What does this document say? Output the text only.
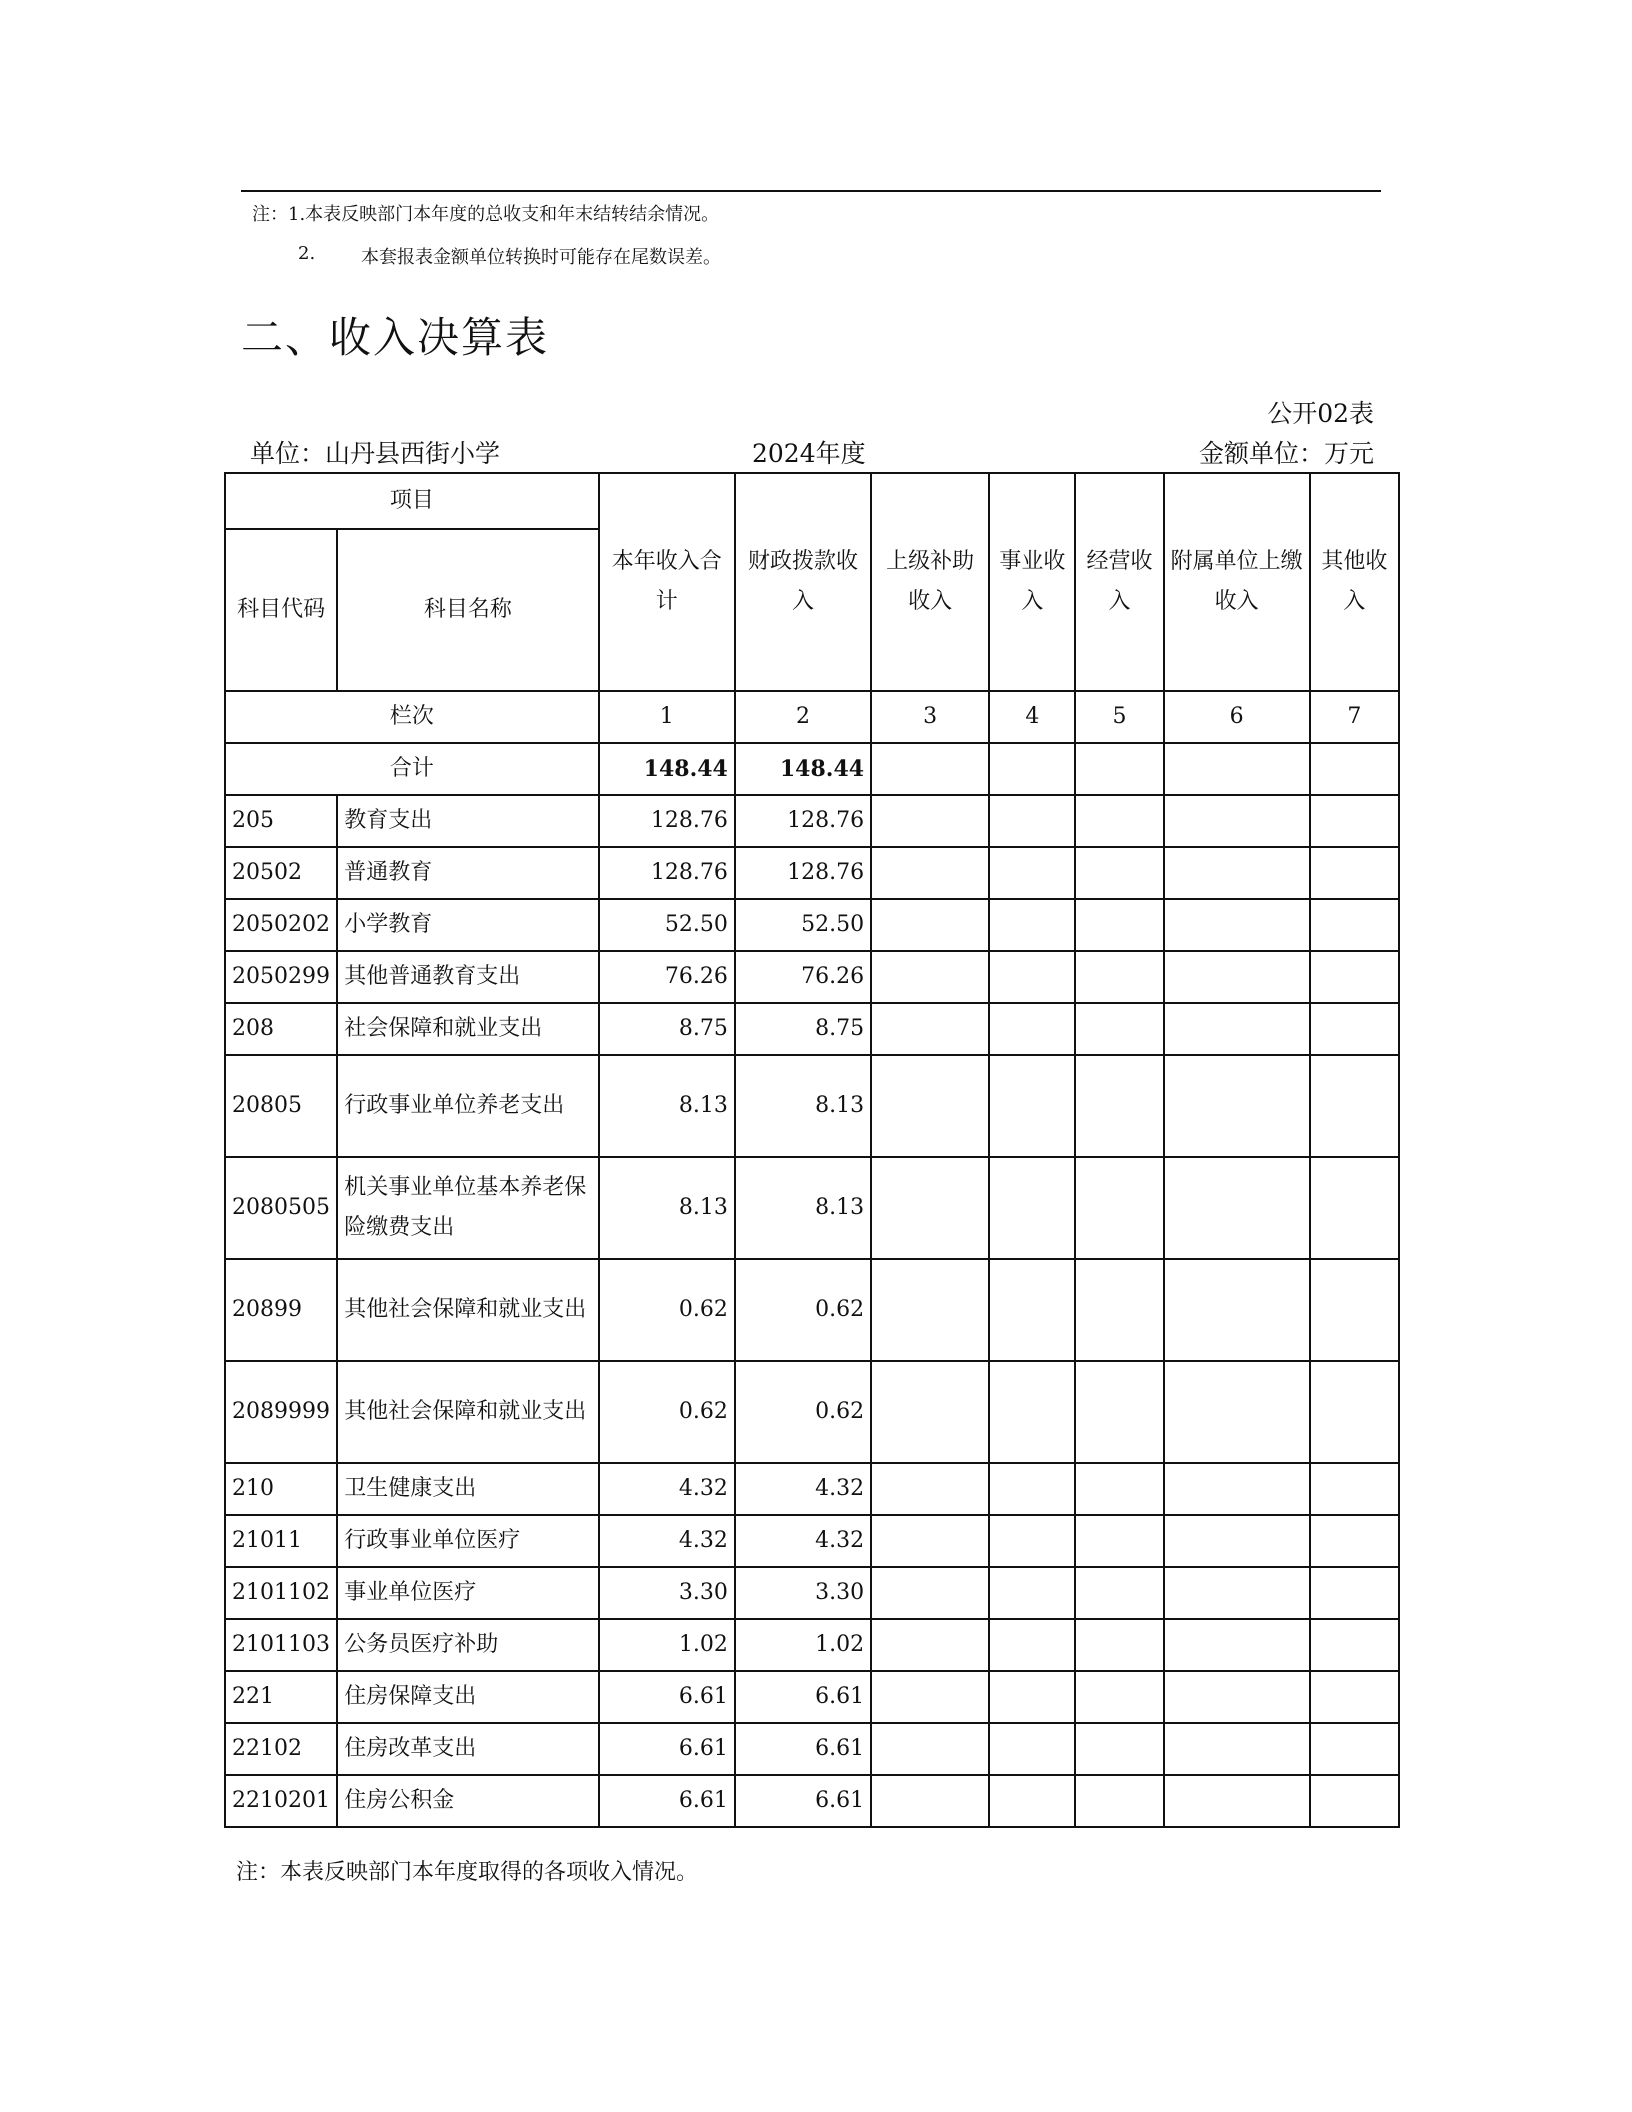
注：1.本表反映部门本年度的总收支和年末结转结余情况。
2.	本套报表金额单位转换时可能存在尾数误差。
二、收入决算表
公开02表
单位：山丹县西街小学	2024年度	金额单位：万元
项目		本年收入合计	财政拨款收入	上级补助收入	事业收入	经营收入	附属单位上缴收入	其他收入
科目代码	科目名称							
栏次		1	2	3	4	5	6	7
合计		148.44	148.44					
205	教育支出	128.76	128.76					
20502	普通教育	128.76	128.76					
2050202	小学教育	52.50	52.50					
2050299	其他普通教育支出	76.26	76.26					
208	社会保障和就业支出	8.75	8.75					
20805	行政事业单位养老支出	8.13	8.13					
2080505	机关事业单位基本养老保险缴费支出	8.13	8.13					
20899	其他社会保障和就业支出	0.62	0.62					
2089999	其他社会保障和就业支出	0.62	0.62					
210	卫生健康支出	4.32	4.32					
21011	行政事业单位医疗	4.32	4.32					
2101102	事业单位医疗	3.30	3.30					
2101103	公务员医疗补助	1.02	1.02					
221	住房保障支出	6.61	6.61					
22102	住房改革支出	6.61	6.61					
2210201	住房公积金	6.61	6.61					
注：本表反映部门本年度取得的各项收入情况。
